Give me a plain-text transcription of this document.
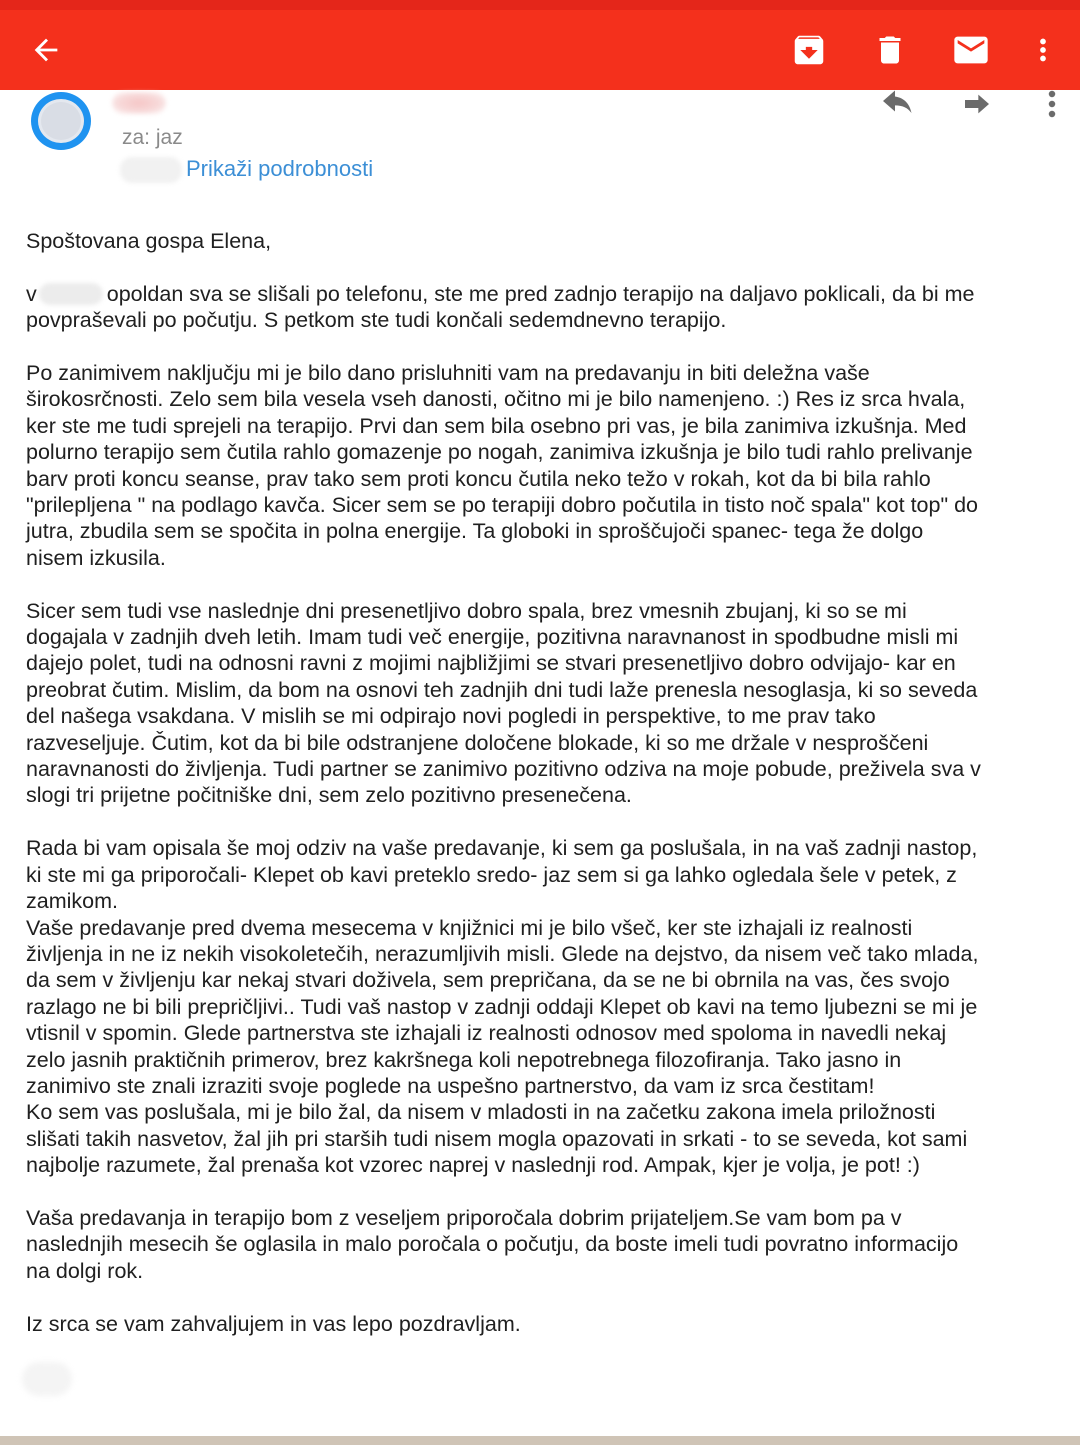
za: jaz
Prikaži podrobnosti

Spoštovana gospa Elena,

v	opoldan sva se slišali po telefonu, ste me pred zadnjo terapijo na daljavo poklicali, da bi me
povpraševali po počutju. S petkom ste tudi končali sedemdnevno terapijo.

Po zanimivem naključju mi je bilo dano prisluhniti vam na predavanju in biti deležna vaše
širokosrčnosti. Zelo sem bila vesela vseh danosti, očitno mi je bilo namenjeno. :) Res iz srca hvala,
ker ste me tudi sprejeli na terapijo. Prvi dan sem bila osebno pri vas, je bila zanimiva izkušnja. Med
polurno terapijo sem čutila rahlo gomazenje po nogah, zanimiva izkušnja je bilo tudi rahlo prelivanje
barv proti koncu seanse, prav tako sem proti koncu čutila neko težo v rokah, kot da bi bila rahlo
"prilepljena " na podlago kavča. Sicer sem se po terapiji dobro počutila in tisto noč spala" kot top" do
jutra, zbudila sem se spočita in polna energije. Ta globoki in sproščujoči spanec- tega že dolgo
nisem izkusila.

Sicer sem tudi vse naslednje dni presenetljivo dobro spala, brez vmesnih zbujanj, ki so se mi
dogajala v zadnjih dveh letih. Imam tudi več energije, pozitivna naravnanost in spodbudne misli mi
dajejo polet, tudi na odnosni ravni z mojimi najbližjimi se stvari presenetljivo dobro odvijajo- kar en
preobrat čutim. Mislim, da bom na osnovi teh zadnjih dni tudi laže prenesla nesoglasja, ki so seveda
del našega vsakdana. V mislih se mi odpirajo novi pogledi in perspektive, to me prav tako
razveseljuje. Čutim, kot da bi bile odstranjene določene blokade, ki so me držale v nesproščeni
naravnanosti do življenja. Tudi partner se zanimivo pozitivno odziva na moje pobude, preživela sva v
slogi tri prijetne počitniške dni, sem zelo pozitivno presenečena.

Rada bi vam opisala še moj odziv na vaše predavanje, ki sem ga poslušala, in na vaš zadnji nastop,
ki ste mi ga priporočali- Klepet ob kavi preteklo sredo- jaz sem si ga lahko ogledala šele v petek, z
zamikom.
Vaše predavanje pred dvema mesecema v knjižnici mi je bilo všeč, ker ste izhajali iz realnosti
življenja in ne iz nekih visokoletečih, nerazumljivih misli. Glede na dejstvo, da nisem več tako mlada,
da sem v življenju kar nekaj stvari doživela, sem prepričana, da se ne bi obrnila na vas, čes svojo
razlago ne bi bili prepričljivi.. Tudi vaš nastop v zadnji oddaji Klepet ob kavi na temo ljubezni se mi je
vtisnil v spomin. Glede partnerstva ste izhajali iz realnosti odnosov med spoloma in navedli nekaj
zelo jasnih praktičnih primerov, brez kakršnega koli nepotrebnega filozofiranja. Tako jasno in
zanimivo ste znali izraziti svoje poglede na uspešno partnerstvo, da vam iz srca čestitam!
Ko sem vas poslušala, mi je bilo žal, da nisem v mladosti in na začetku zakona imela priložnosti
slišati takih nasvetov, žal jih pri starših tudi nisem mogla opazovati in srkati - to se seveda, kot sami
najbolje razumete, žal prenaša kot vzorec naprej v naslednji rod. Ampak, kjer je volja, je pot! :)

Vaša predavanja in terapijo bom z veseljem priporočala dobrim prijateljem.Se vam bom pa v
naslednjih mesecih še oglasila in malo poročala o počutju, da boste imeli tudi povratno informacijo
na dolgi rok.

Iz srca se vam zahvaljujem in vas lepo pozdravljam.
